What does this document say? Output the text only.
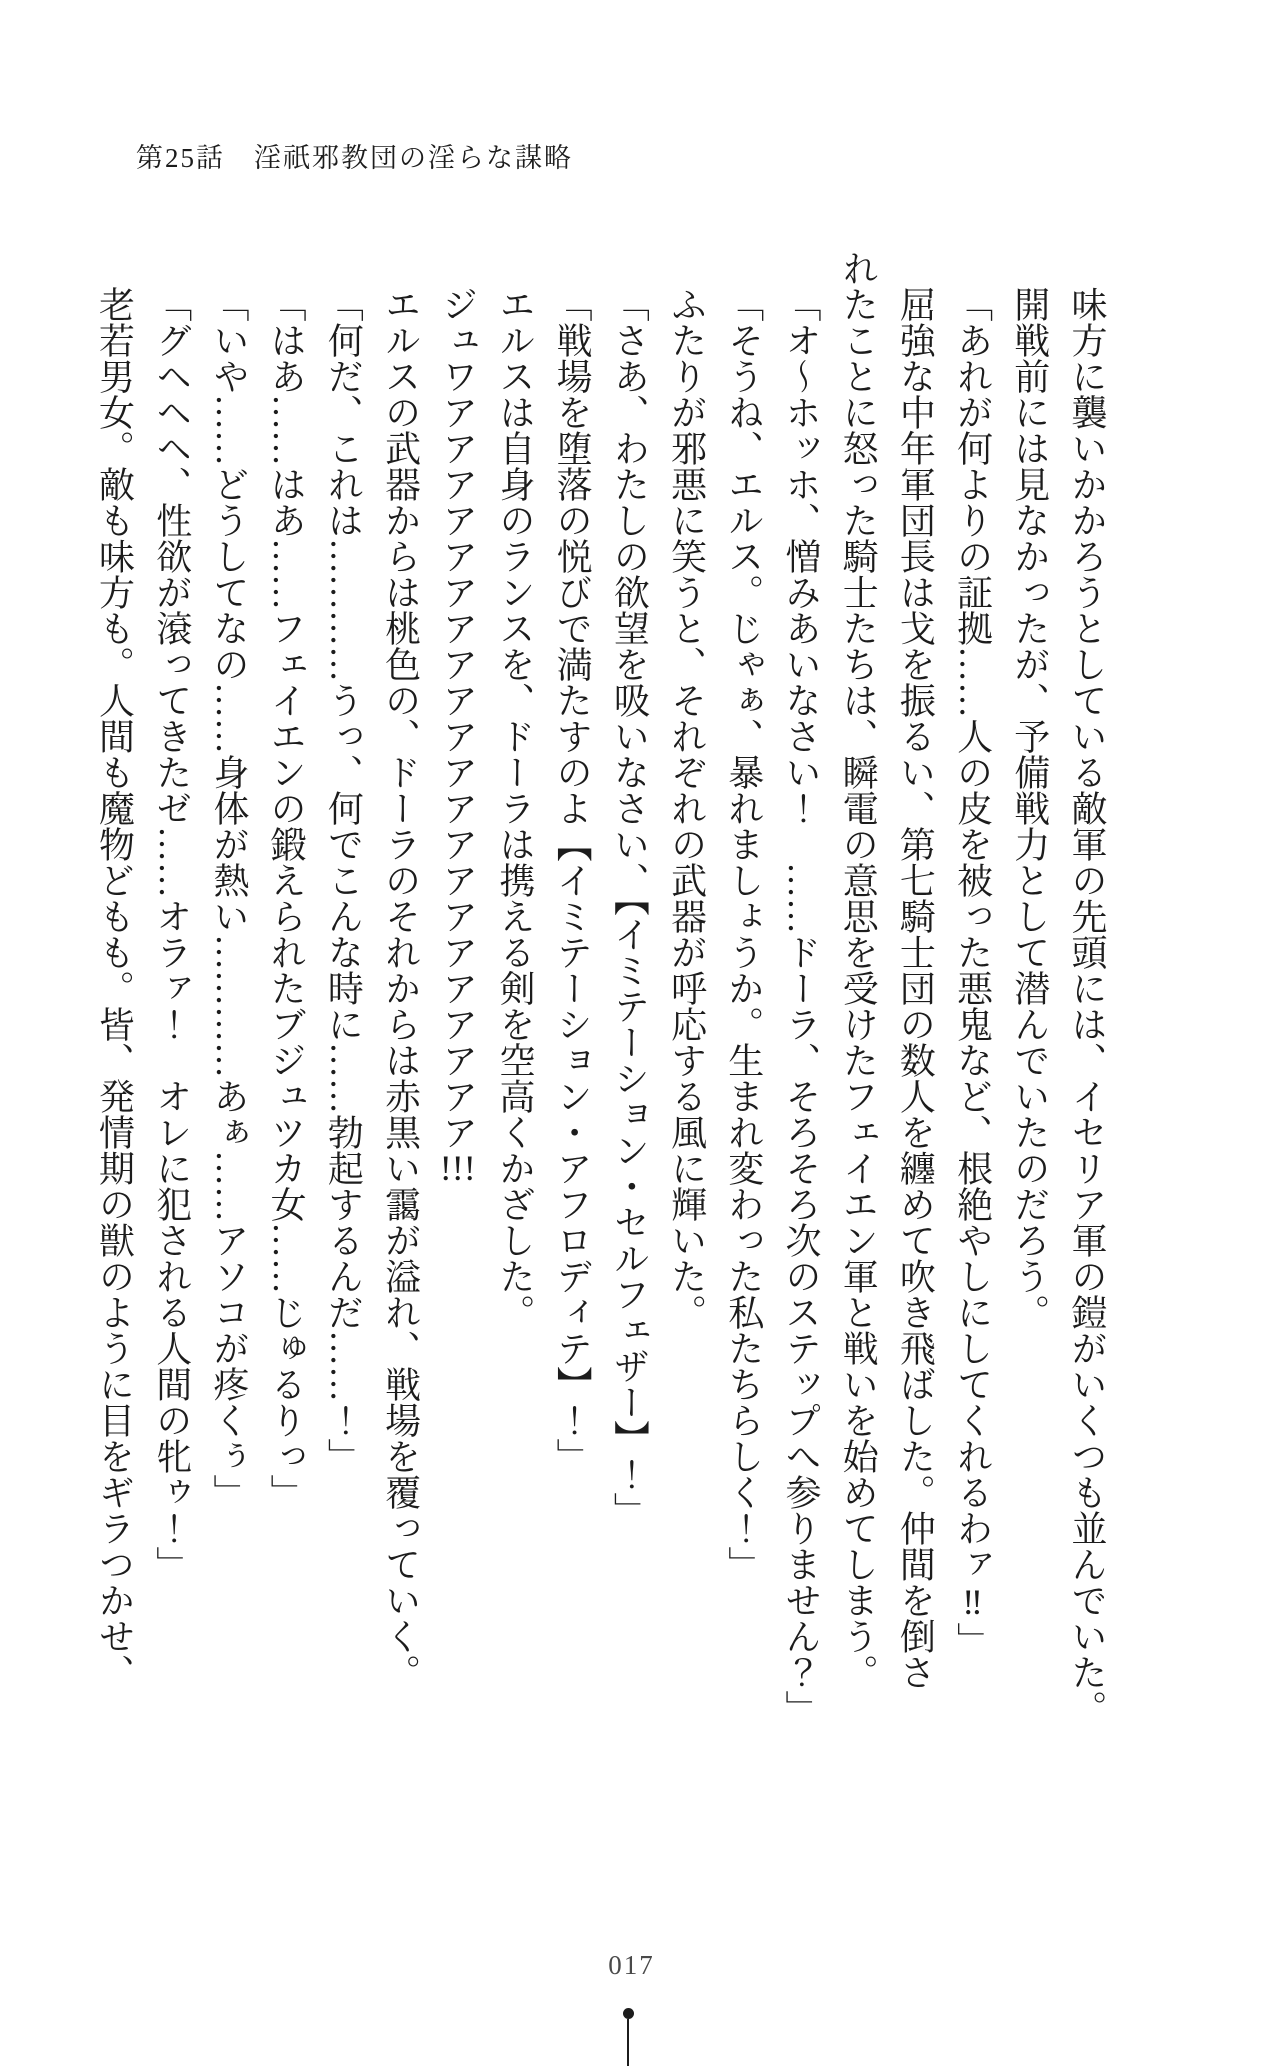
第25話　淫祇邪教団の淫らな謀略

味方に襲いかかろうとしている敵軍の先頭には、イセリア軍の鎧がいくつも並んでいた。

開戦前には見なかったが、予備戦力として潜んでいたのだろう。

「あれが何よりの証拠……人の皮を被った悪鬼など、根絶やしにしてくれるわァ‼」

屈強な中年軍団長は戈を振るい、第七騎士団の数人を纏めて吹き飛ばした。仲間を倒さ

れたことに怒った騎士たちは、瞬電の意思を受けたフェイエン軍と戦いを始めてしまう。

「オ〜ホッホ、憎みあいなさい！　……ドーラ、そろそろ次のステップへ参りません？」

「そうね、エルス。じゃぁ、暴れましょうか。生まれ変わった私たちらしく！」

ふたりが邪悪に笑うと、それぞれの武器が呼応する風に輝いた。

「さあ、わたしの欲望を吸いなさい、【イミテーション・セルフェザー】！」

「戦場を堕落の悦びで満たすのよ【イミテーション・アフロディテ】！」

エルスは自身のランスを、ドーラは携える剣を空高くかざした。

ジュワアアアアアアアアアアアアアアアアアアアアア!!!

エルスの武器からは桃色の、ドーラのそれからは赤黒い靄が溢れ、戦場を覆っていく。

「何だ、これは…………うっ、何でこんな時に……勃起するんだ……！」

「はあ……はあ……フェイエンの鍛えられたブジュツカ女……じゅるりっ」

「いや……どうしてなの……身体が熱い…………あぁ……アソコが疼くぅ」

「グヘヘヘ、性欲が滾ってきたゼ……オラァ！　オレに犯される人間の牝ゥ！」

老若男女。敵も味方も。人間も魔物どもも。皆、発情期の獣のように目をギラつかせ、

017
